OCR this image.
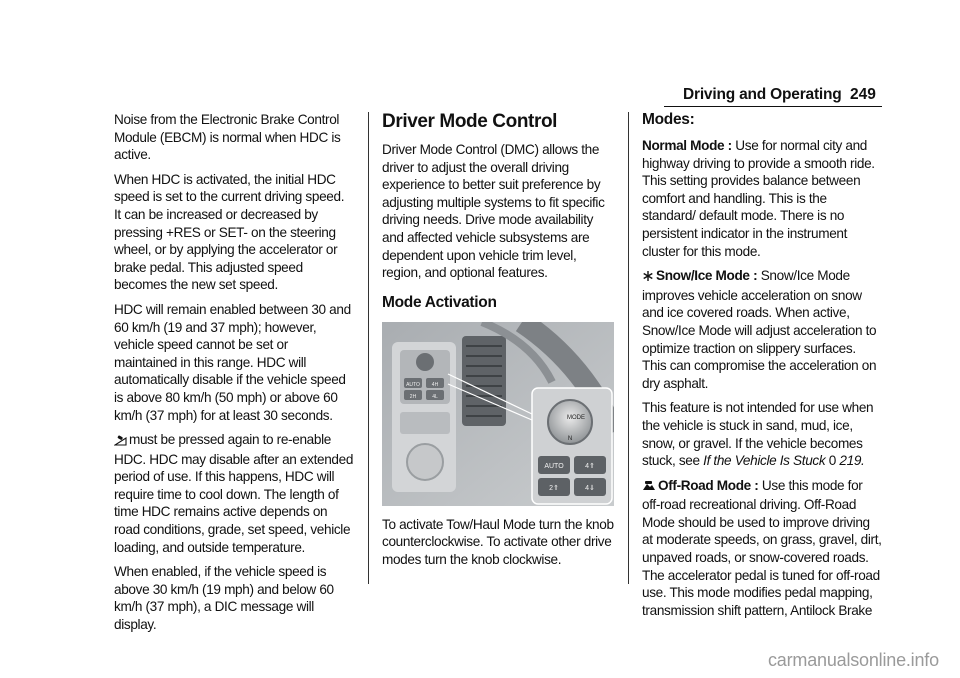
Driving and Operating 249

Noise from the Electronic Brake Control Module (EBCM) is normal when HDC is active.

When HDC is activated, the initial HDC speed is set to the current driving speed. It can be increased or decreased by pressing +RES or SET- on the steering wheel, or by applying the accelerator or brake pedal. This adjusted speed becomes the new set speed.

HDC will remain enabled between 30 and 60 km/h (19 and 37 mph); however, vehicle speed cannot be set or maintained in this range. HDC will automatically disable if the vehicle speed is above 80 km/h (50 mph) or above 60 km/h (37 mph) for at least 30 seconds.

must be pressed again to re-enable HDC. HDC may disable after an extended period of use. If this happens, HDC will require time to cool down. The length of time HDC remains active depends on road conditions, grade, set speed, vehicle loading, and outside temperature.

When enabled, if the vehicle speed is above 30 km/h (19 mph) and below 60 km/h (37 mph), a DIC message will display.

Driver Mode Control

Driver Mode Control (DMC) allows the driver to adjust the overall driving experience to better suit preference by adjusting multiple systems to fit specific driving needs. Drive mode availability and affected vehicle subsystems are dependent upon vehicle trim level, region, and optional features.

Mode Activation
AUTO 4H
2H	4L
MODE
N
AUTO	4⇑
2⇑	4⇓

To activate Tow/Haul Mode turn the knob counterclockwise. To activate other drive modes turn the knob clockwise.

Modes:

Normal Mode : Use for normal city and highway driving to provide a smooth ride. This setting provides balance between comfort and handling. This is the standard/ default mode. There is no persistent indicator in the instrument cluster for this mode.

Snow/Ice Mode : Snow/Ice Mode improves vehicle acceleration on snow and ice covered roads. When active, Snow/Ice Mode will adjust acceleration to optimize traction on slippery surfaces. This can compromise the acceleration on dry asphalt.

This feature is not intended for use when the vehicle is stuck in sand, mud, ice, snow, or gravel. If the vehicle becomes stuck, see If the Vehicle Is Stuck 0 219.

Off-Road Mode : Use this mode for off-road recreational driving. Off-Road Mode should be used to improve driving at moderate speeds, on grass, gravel, dirt, unpaved roads, or snow-covered roads. The accelerator pedal is tuned for off-road use. This mode modifies pedal mapping, transmission shift pattern, Antilock Brake

carmanualsonline.info
